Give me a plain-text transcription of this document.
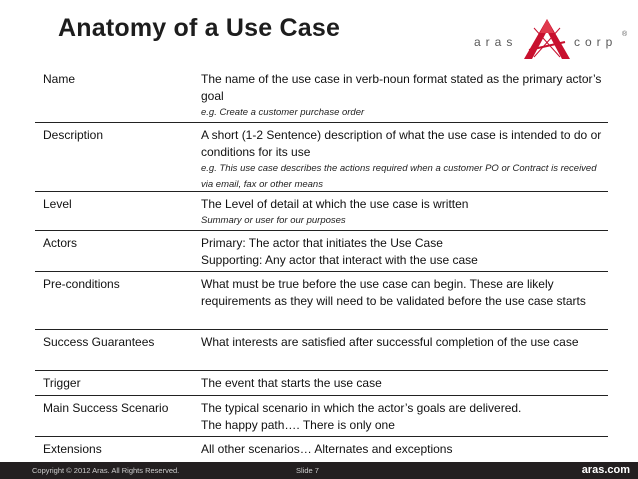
Anatomy of a Use Case	aras	corp
®
Name	The name of the use case in verb-noun format stated as the primary actor’s goal
e.g. Create a customer purchase order
Description	A short (1-2 Sentence) description of what the use case is intended to do or conditions for its use
e.g. This use case describes the actions required when a customer PO or Contract is received via email, fax or other means
Level	The Level of detail at which the use case is written
Summary or user for our purposes
Actors	Primary: The actor that initiates the Use Case
Supporting: Any actor that interact with the use case
Pre-conditions	What must be true before the use case can begin. These are likely requirements as they will need to be validated before the use case starts
Success Guarantees	What interests are satisfied after successful completion of the use case
Trigger	The event that starts the use case
Main Success Scenario	The typical scenario in which the actor’s goals are delivered.
The happy path…. There is only one
Extensions	All other scenarios… Alternates and exceptions
Copyright © 2012 Aras. All Rights Reserved.	Slide 7	aras.com
